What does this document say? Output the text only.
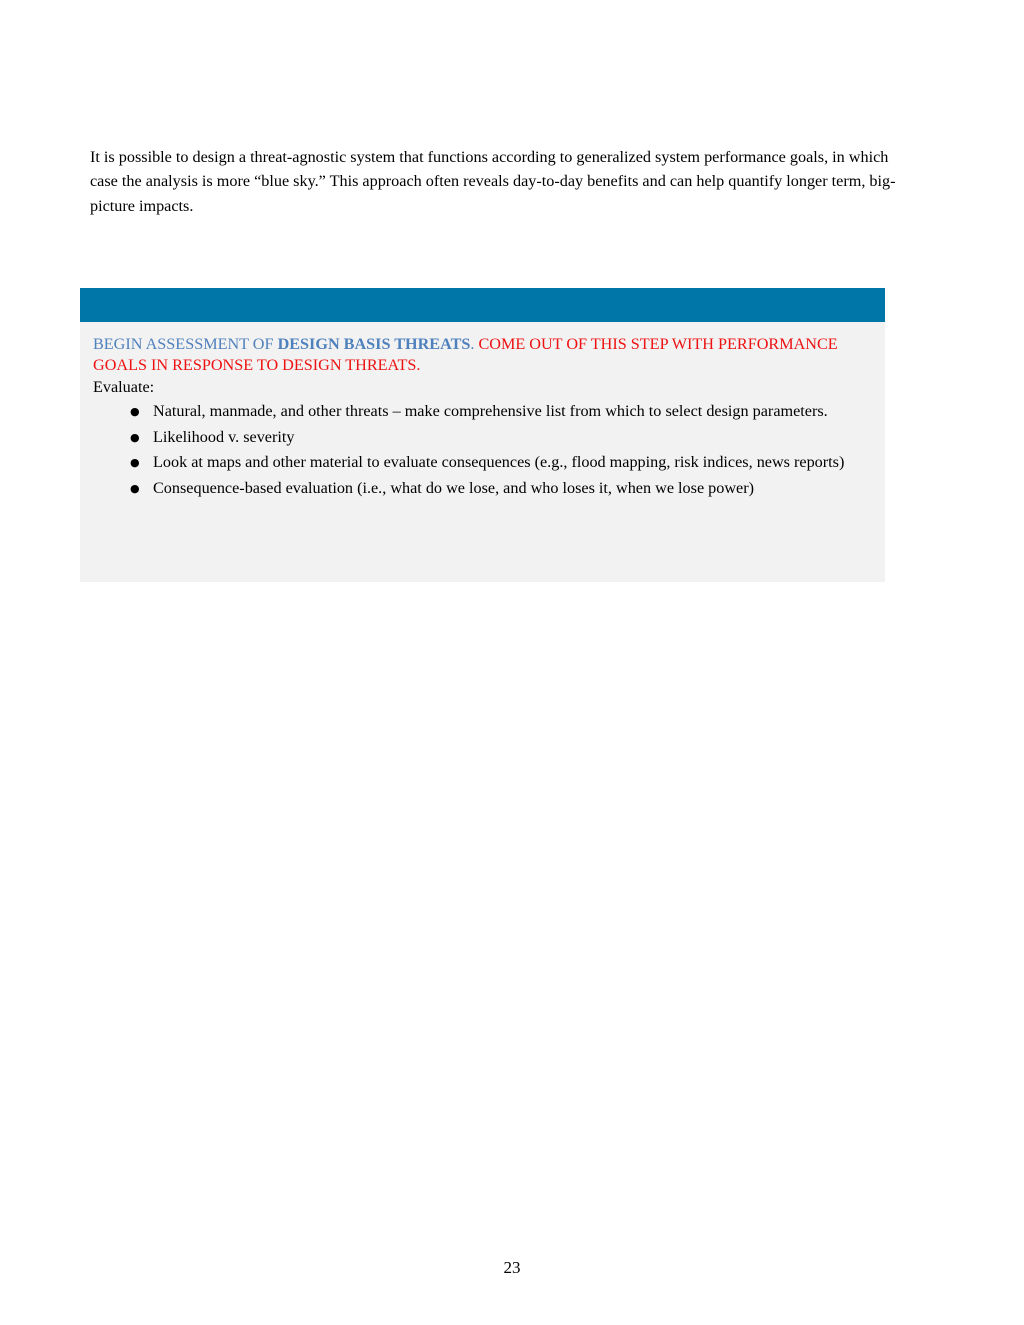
It is possible to design a threat-agnostic system that functions according to generalized system performance goals, in which case the analysis is more “blue sky.” This approach often reveals day-to-day benefits and can help quantify longer term, big-picture impacts.

BEGIN ASSESSMENT OF DESIGN BASIS THREATS. COME OUT OF THIS STEP WITH PERFORMANCE GOALS IN RESPONSE TO DESIGN THREATS.

Evaluate:

● Natural, manmade, and other threats – make comprehensive list from which to select design parameters.
● Likelihood v. severity
● Look at maps and other material to evaluate consequences (e.g., flood mapping, risk indices, news reports)
● Consequence-based evaluation (i.e., what do we lose, and who loses it, when we lose power)

23
